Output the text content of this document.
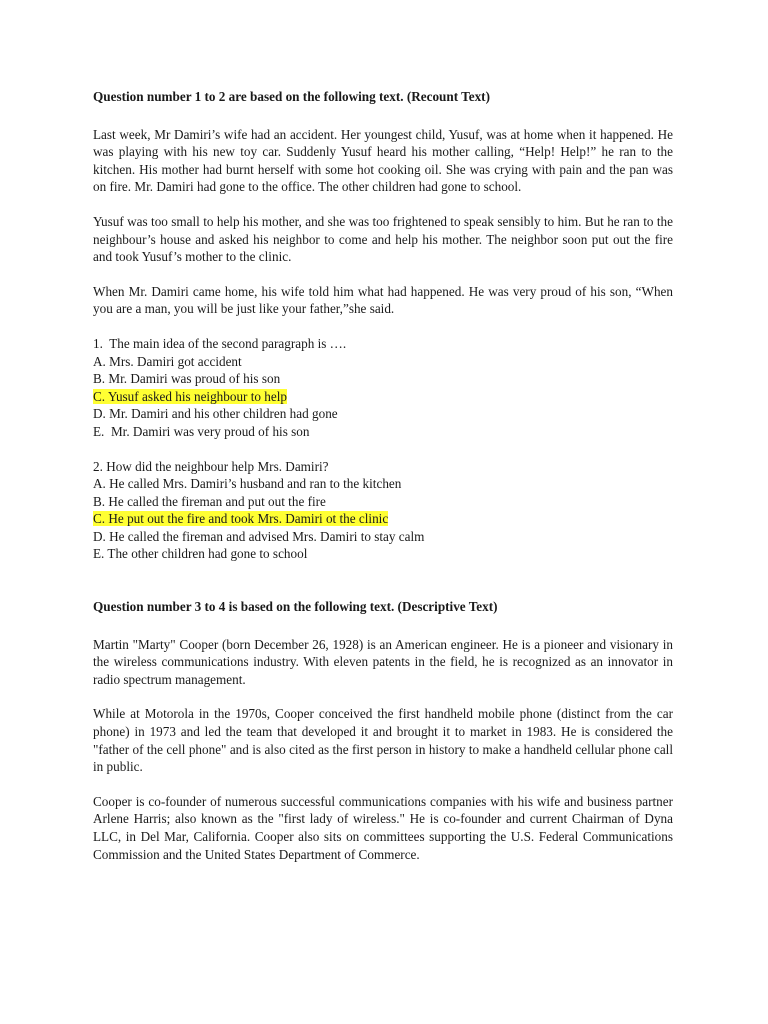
Question number 1 to 2 are based on the following text. (Recount Text)

Last week, Mr Damiri’s wife had an accident. Her youngest child, Yusuf, was at home when it happened. He was playing with his new toy car. Suddenly Yusuf heard his mother calling, “Help! Help!” he ran to the kitchen. His mother had burnt herself with some hot cooking oil. She was crying with pain and the pan was on fire. Mr. Damiri had gone to the office. The other children had gone to school.

Yusuf was too small to help his mother, and she was too frightened to speak sensibly to him. But he ran to the neighbour’s house and asked his neighbor to come and help his mother. The neighbor soon put out the fire and took Yusuf’s mother to the clinic.

When Mr. Damiri came home, his wife told him what had happened. He was very proud of his son, “When you are a man, you will be just like your father,”she said.

1.  The main idea of the second paragraph is ….

A. Mrs. Damiri got accident

B. Mr. Damiri was proud of his son

C. Yusuf asked his neighbour to help

D. Mr. Damiri and his other children had gone

E.  Mr. Damiri was very proud of his son

2. How did the neighbour help Mrs. Damiri?

A. He called Mrs. Damiri’s husband and ran to the kitchen

B. He called the fireman and put out the fire

C. He put out the fire and took Mrs. Damiri ot the clinic

D. He called the fireman and advised Mrs. Damiri to stay calm

E. The other children had gone to school

Question number 3 to 4 is based on the following text. (Descriptive Text)

Martin "Marty" Cooper (born December 26, 1928) is an American engineer. He is a pioneer and visionary in the wireless communications industry. With eleven patents in the field, he is recognized as an innovator in radio spectrum management.

While at Motorola in the 1970s, Cooper conceived the first handheld mobile phone (distinct from the car phone) in 1973 and led the team that developed it and brought it to market in 1983. He is considered the "father of the cell phone" and is also cited as the first person in history to make a handheld cellular phone call in public.

Cooper is co-founder of numerous successful communications companies with his wife and business partner Arlene Harris; also known as the "first lady of wireless." He is co-founder and current Chairman of Dyna LLC, in Del Mar, California. Cooper also sits on committees supporting the U.S. Federal Communications Commission and the United States Department of Commerce.
